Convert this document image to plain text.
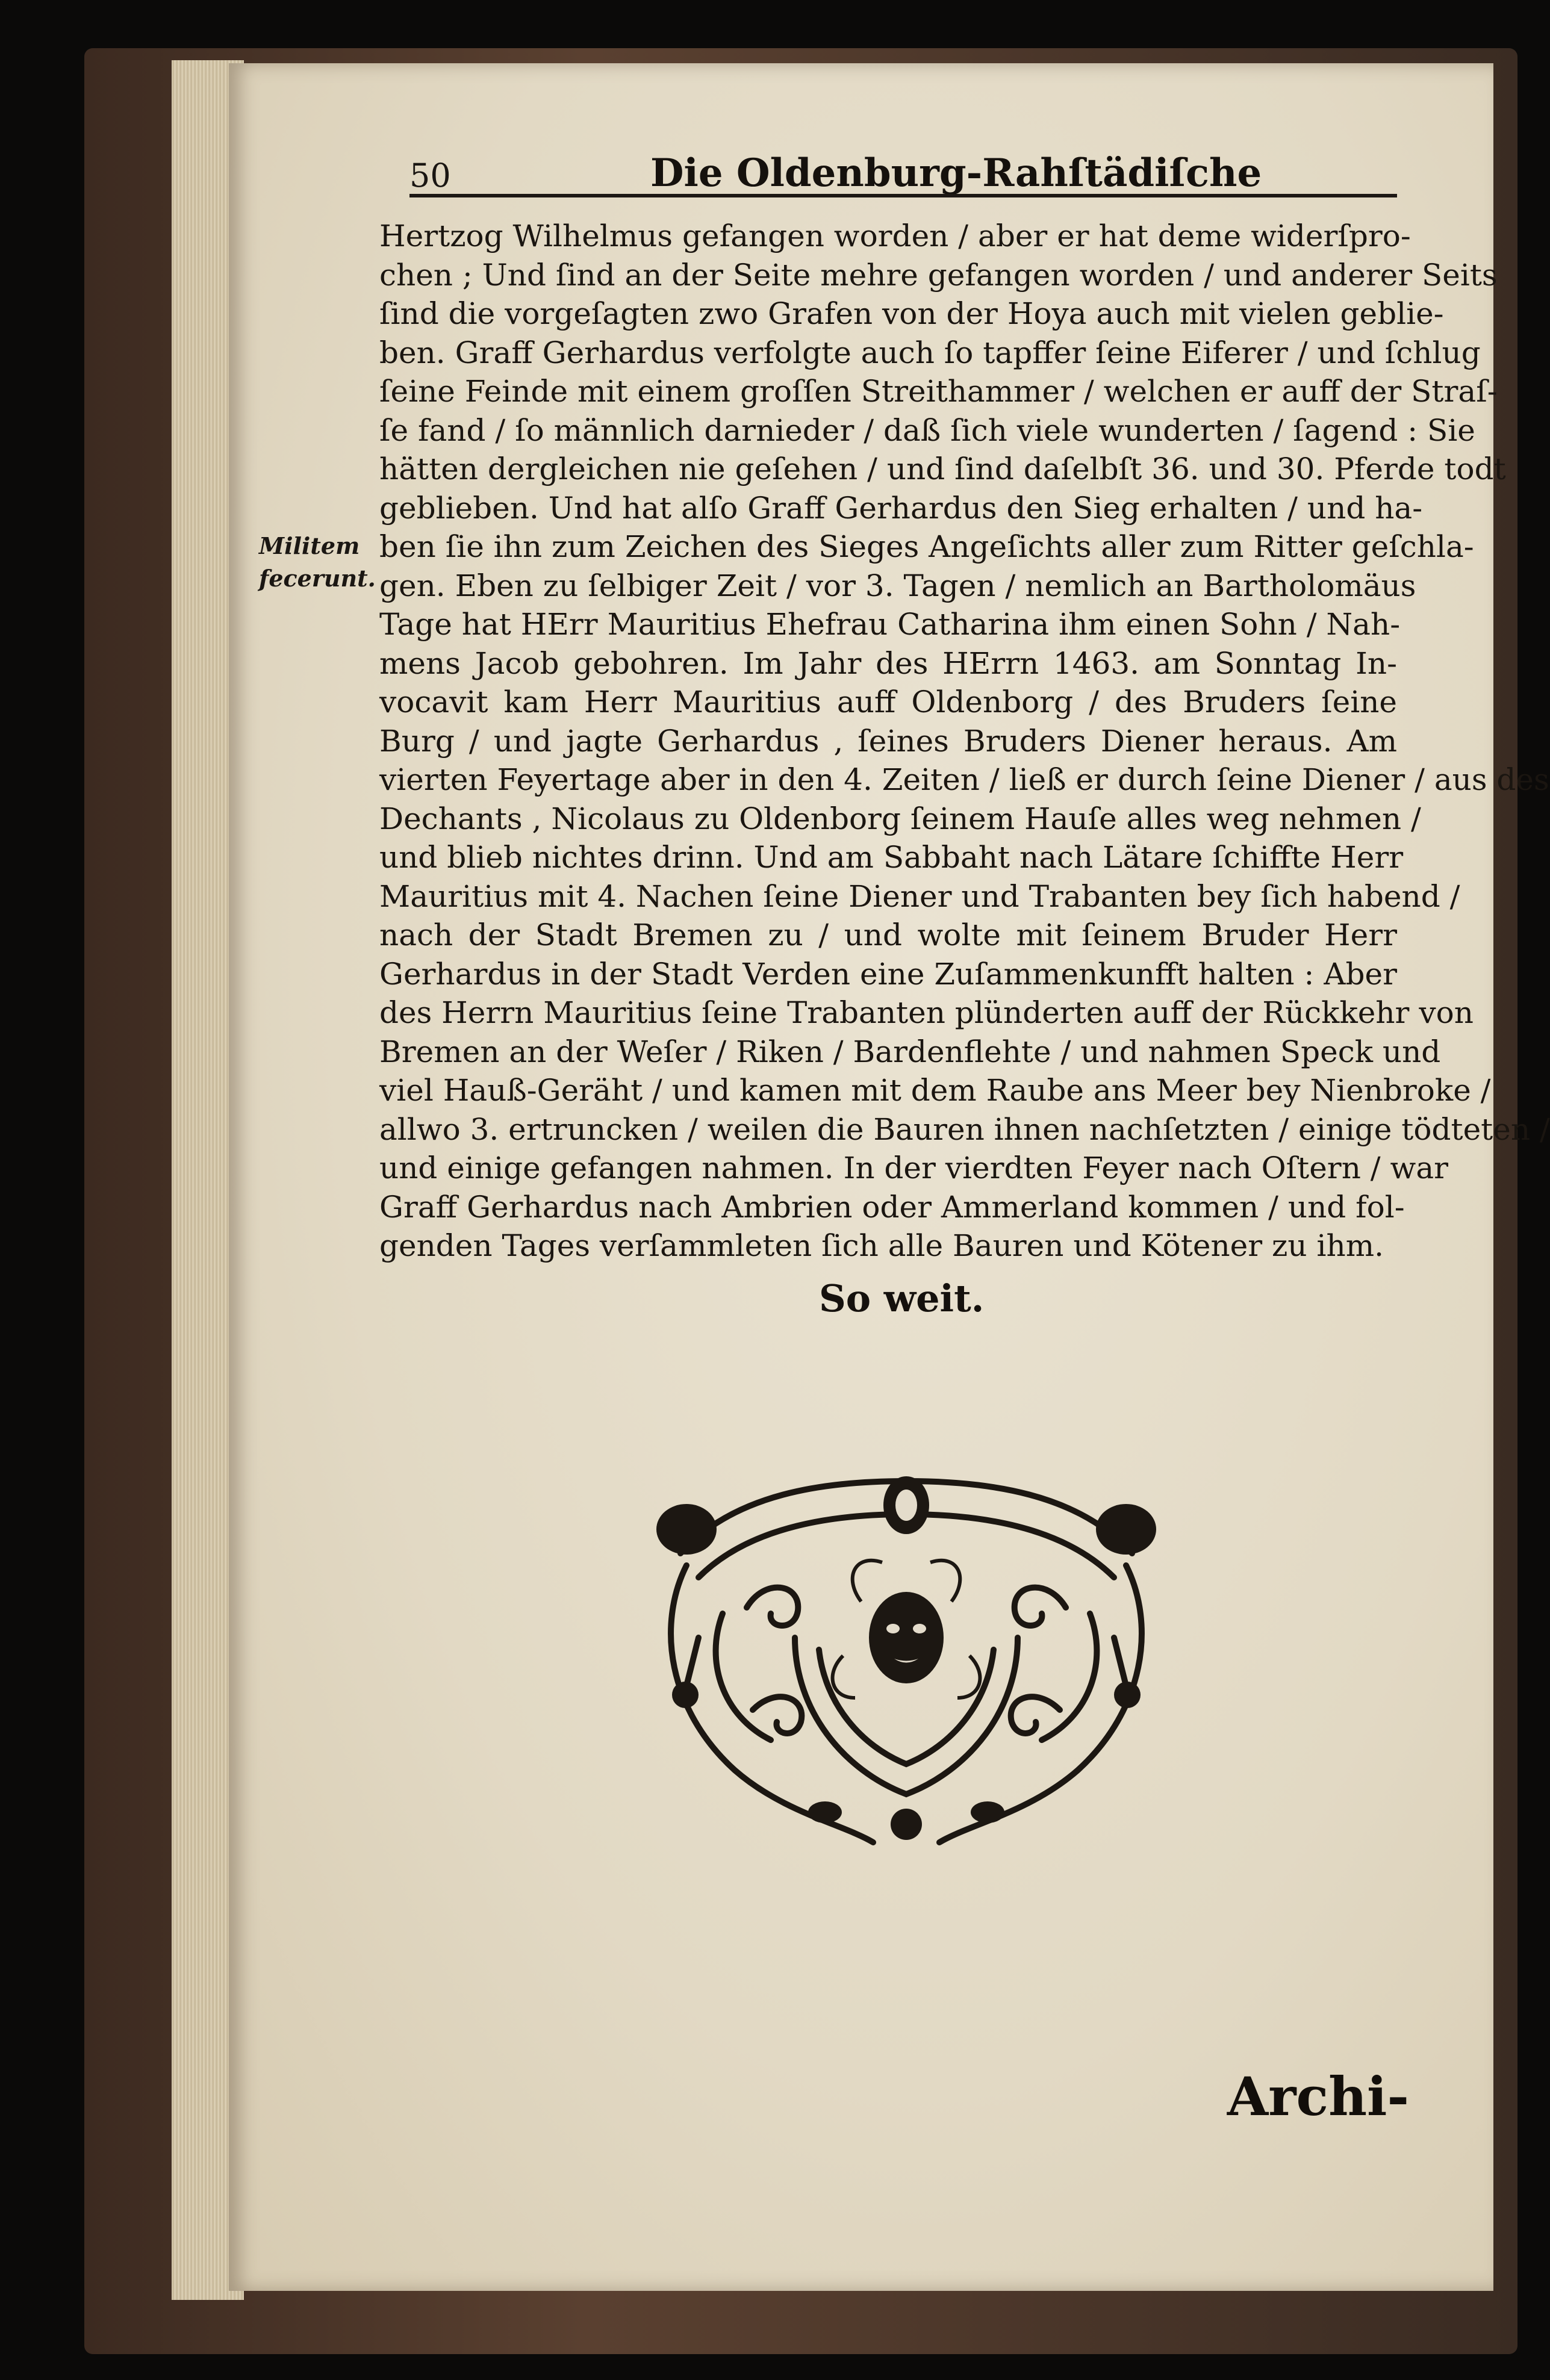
50	Die Oldenburg-Rahſtädiſche
Militem
fecerunt.
Hertzog Wilhelmus gefangen worden / aber er hat deme widerſpro-
chen ; Und ſind an der Seite mehre gefangen worden / und anderer Seits
ſind die vorgeſagten zwo Grafen von der Hoya auch mit vielen geblie-
ben. Graff Gerhardus verfolgte auch ſo tapffer ſeine Eiferer / und ſchlug
ſeine Feinde mit einem groſſen Streithammer / welchen er auff der Straſ-
ſe fand / ſo männlich darnieder / daß ſich viele wunderten / ſagend : Sie
hätten dergleichen nie geſehen / und ſind daſelbſt 36. und 30. Pferde todt
geblieben. Und hat alſo Graff Gerhardus den Sieg erhalten / und ha-
ben ſie ihn zum Zeichen des Sieges Angeſichts aller zum Ritter geſchla-
gen. Eben zu ſelbiger Zeit / vor 3. Tagen / nemlich an Bartholomäus
Tage hat HErr Mauritius Ehefrau Catharina ihm einen Sohn / Nah-
mens Jacob gebohren. Im Jahr des HErrn 1463. am Sonntag In-
vocavit kam Herr Mauritius auff Oldenborg / des Bruders ſeine
Burg / und jagte Gerhardus , ſeines Bruders Diener heraus. Am
vierten Feyertage aber in den 4. Zeiten / ließ er durch ſeine Diener / aus des
Dechants , Nicolaus zu Oldenborg ſeinem Hauſe alles weg nehmen /
und blieb nichtes drinn. Und am Sabbaht nach Lätare ſchiffte Herr
Mauritius mit 4. Nachen ſeine Diener und Trabanten bey ſich habend /
nach der Stadt Bremen zu / und wolte mit ſeinem Bruder Herr
Gerhardus in der Stadt Verden eine Zuſammenkunfft halten : Aber
des Herrn Mauritius ſeine Trabanten plünderten auff der Rückkehr von
Bremen an der Weſer / Riken / Bardenflehte / und nahmen Speck und
viel Hauß-Geräht / und kamen mit dem Raube ans Meer bey Nienbroke /
allwo 3. ertruncken / weilen die Bauren ihnen nachſetzten / einige tödteten /
und einige gefangen nahmen. In der vierdten Feyer nach Oſtern / war
Graff Gerhardus nach Ambrien oder Ammerland kommen / und fol-
genden Tages verſammleten ſich alle Bauren und Kötener zu ihm.
So weit.
Archi-
